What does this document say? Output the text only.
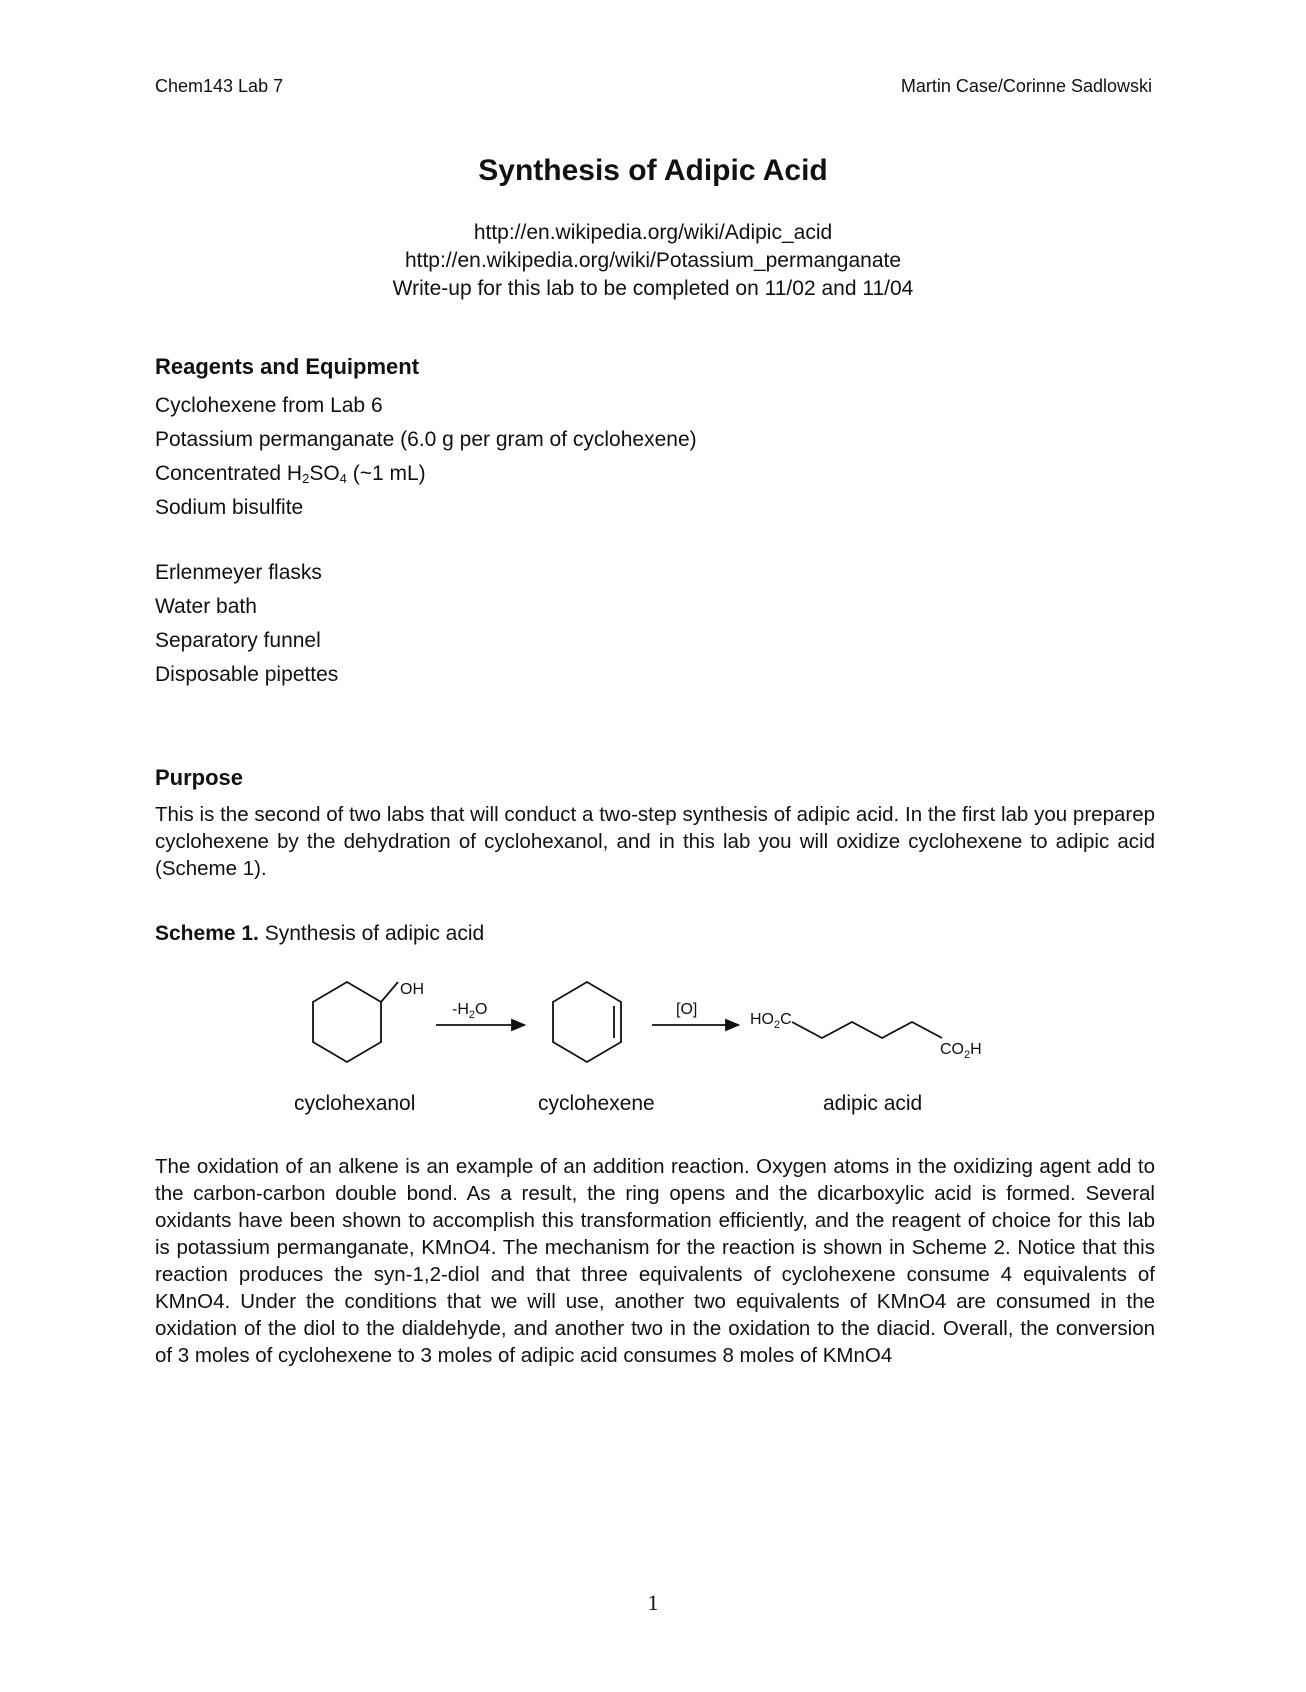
Chem143 Lab 7	Martin Case/Corinne Sadlowski
Synthesis of Adipic Acid
http://en.wikipedia.org/wiki/Adipic_acid
http://en.wikipedia.org/wiki/Potassium_permanganate
Write-up for this lab to be completed on 11/02 and 11/04
Reagents and Equipment
Cyclohexene from Lab 6
Potassium permanganate (6.0 g per gram of cyclohexene)
Concentrated $H_2SO_4$ (~1 mL)
Sodium bisulfite
Erlenmeyer flasks
Water bath
Separatory funnel
Disposable pipettes
Purpose
This is the second of two labs that will conduct a two-step synthesis of adipic acid. In the first lab you preparep cyclohexene by the dehydration of cyclohexanol, and in this lab you will oxidize cyclohexene to adipic acid (Scheme 1).
Scheme 1. Synthesis of adipic acid
OH
$-H_2O$	[O]
$HO_2C$
$CO_2H$
cyclohexanol	cyclohexene	adipic acid
The oxidation of an alkene is an example of an addition reaction. Oxygen atoms in the oxidizing agent add to the carbon-carbon double bond. As a result, the ring opens and the dicarboxylic acid is formed. Several oxidants have been shown to accomplish this transformation efficiently, and the reagent of choice for this lab is potassium permanganate, KMnO4. The mechanism for the reaction is shown in Scheme 2. Notice that this reaction produces the syn-1,2-diol and that three equivalents of cyclohexene consume 4 equivalents of KMnO4. Under the conditions that we will use, another two equivalents of KMnO4 are consumed in the oxidation of the diol to the dialdehyde, and another two in the oxidation to the diacid. Overall, the conversion of 3 moles of cyclohexene to 3 moles of adipic acid consumes 8 moles of KMnO4
1
